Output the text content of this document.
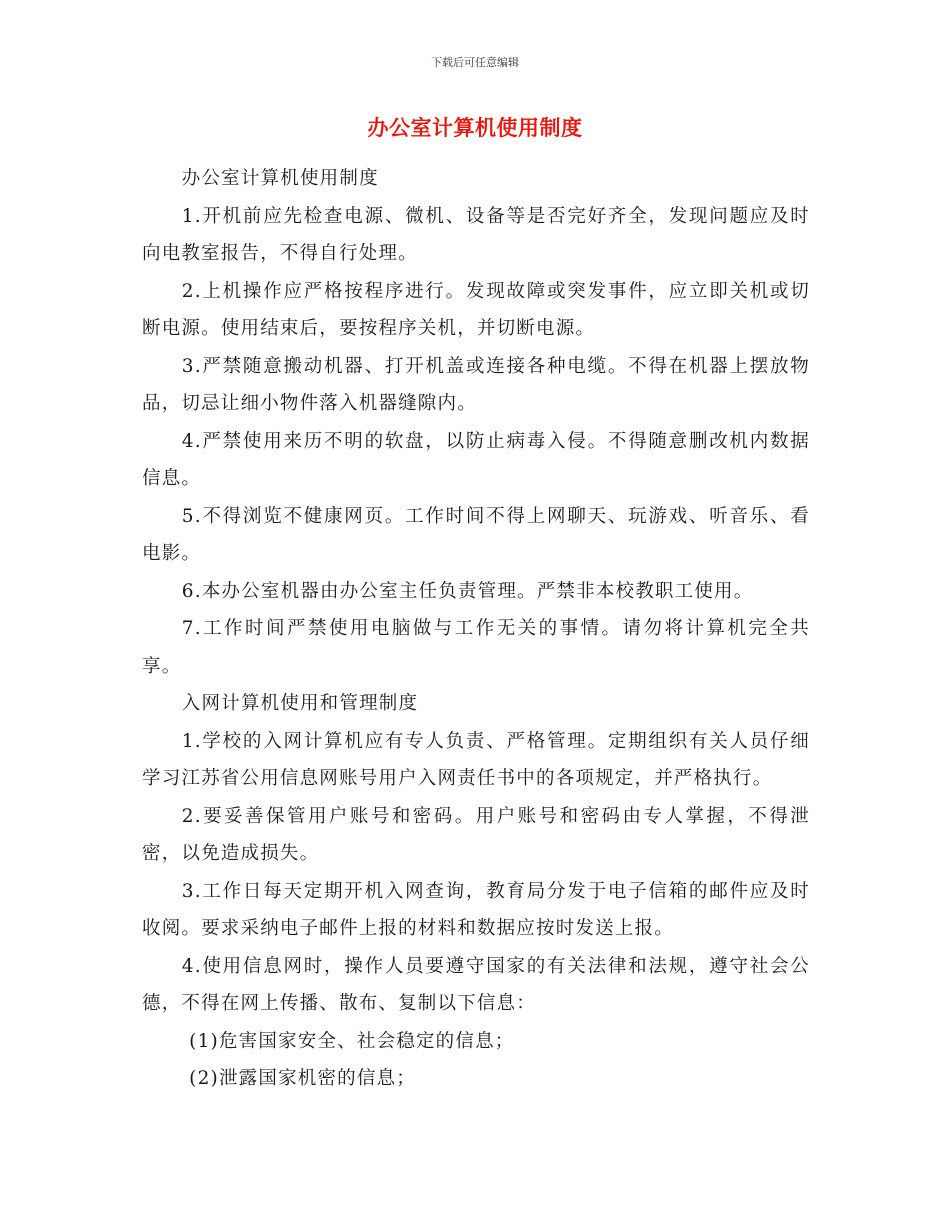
下载后可任意编辑
办公室计算机使用制度

办公室计算机使用制度

1.开机前应先检查电源、微机、设备等是否完好齐全，发现问题应及时向电教室报告，不得自行处理。

2.上机操作应严格按程序进行。发现故障或突发事件，应立即关机或切断电源。使用结束后，要按程序关机，并切断电源。

3.严禁随意搬动机器、打开机盖或连接各种电缆。不得在机器上摆放物品，切忌让细小物件落入机器缝隙内。

4.严禁使用来历不明的软盘，以防止病毒入侵。不得随意删改机内数据信息。

5.不得浏览不健康网页。工作时间不得上网聊天、玩游戏、听音乐、看电影。

6.本办公室机器由办公室主任负责管理。严禁非本校教职工使用。

7.工作时间严禁使用电脑做与工作无关的事情。请勿将计算机完全共享。

入网计算机使用和管理制度

1.学校的入网计算机应有专人负责、严格管理。定期组织有关人员仔细学习江苏省公用信息网账号用户入网责任书中的各项规定，并严格执行。

2.要妥善保管用户账号和密码。用户账号和密码由专人掌握，不得泄密，以免造成损失。

3.工作日每天定期开机入网查询，教育局分发于电子信箱的邮件应及时收阅。要求采纳电子邮件上报的材料和数据应按时发送上报。

4.使用信息网时，操作人员要遵守国家的有关法律和法规，遵守社会公德，不得在网上传播、散布、复制以下信息：

(1)危害国家安全、社会稳定的信息；

(2)泄露国家机密的信息；
